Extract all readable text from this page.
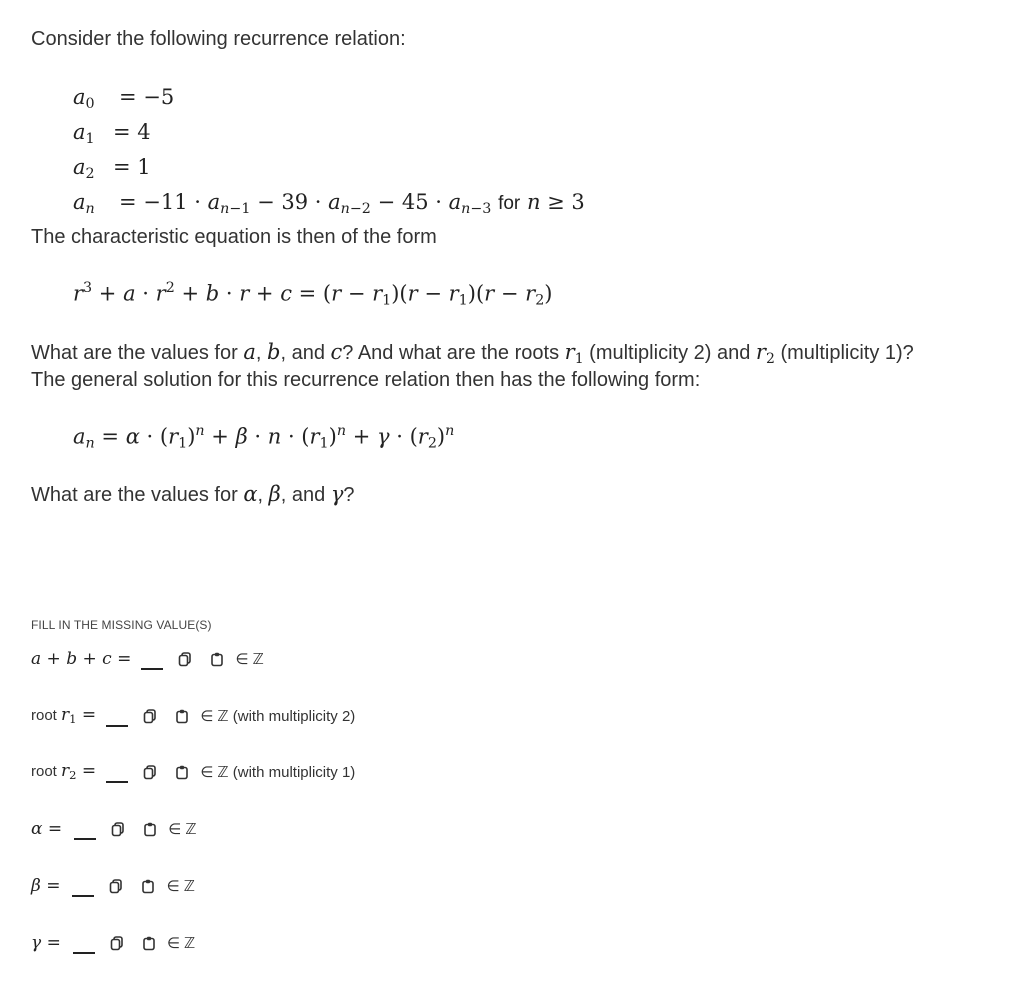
Consider the following recurrence relation:
$a_0$	= −5
$a_1 = 4$
$a_2 = 1$
$a_n$	= − $11 \cdot a_{n-1} - 39 \cdot a_{n-2} - 45 \cdot a_{n-3}$ for n ≥ 3
The characteristic equation is then of the form
$r^3 + a \cdot r^2 + b \cdot r + c = (r - r_1)(r - r_1)(r - r_2)$
What are the values for a, b, and c? And what are the roots $r_1$ (multiplicity 2) and $r_2$ (multiplicity 1)?
The general solution for this recurrence relation then has the following form:
$a_n = \alpha \cdot (r_1)^n + \beta \cdot n \cdot (r_1)^n + \gamma \cdot (r_2)^n$
What are the values for α, β, and γ?
FILL IN THE MISSING VALUE(S)
a + b + c =	∈ ℤ
root
$r_1$ =	∈ ℤ (with multiplicity 2)
root
$r_2$ =	∈ ℤ (with multiplicity 1)
α =	∈ ℤ
β =	∈ ℤ
γ =	∈ ℤ
